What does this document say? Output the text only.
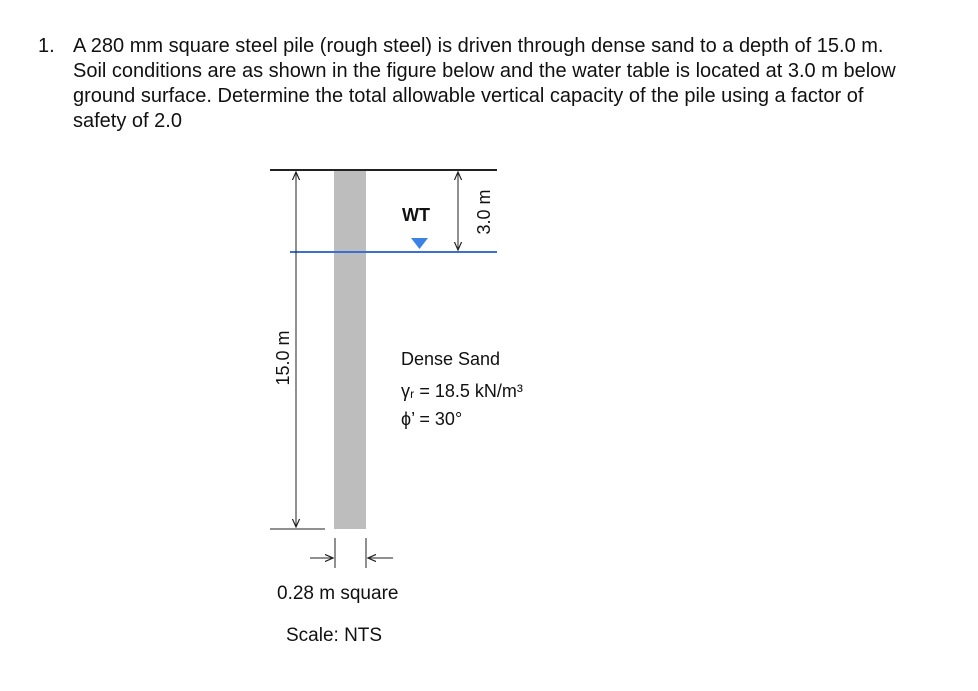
1. A 280 mm square steel pile (rough steel) is driven through dense sand to a depth of 15.0 m. Soil conditions are as shown in the figure below and the water table is located at 3.0 m below ground surface. Determine the total allowable vertical capacity of the pile using a factor of safety of 2.0
WT 3.0 m
15.0 m	Dense Sand
γᵣ = 18.5 kN/m³
ϕ’ = 30°
0.28 m square
Scale: NTS
